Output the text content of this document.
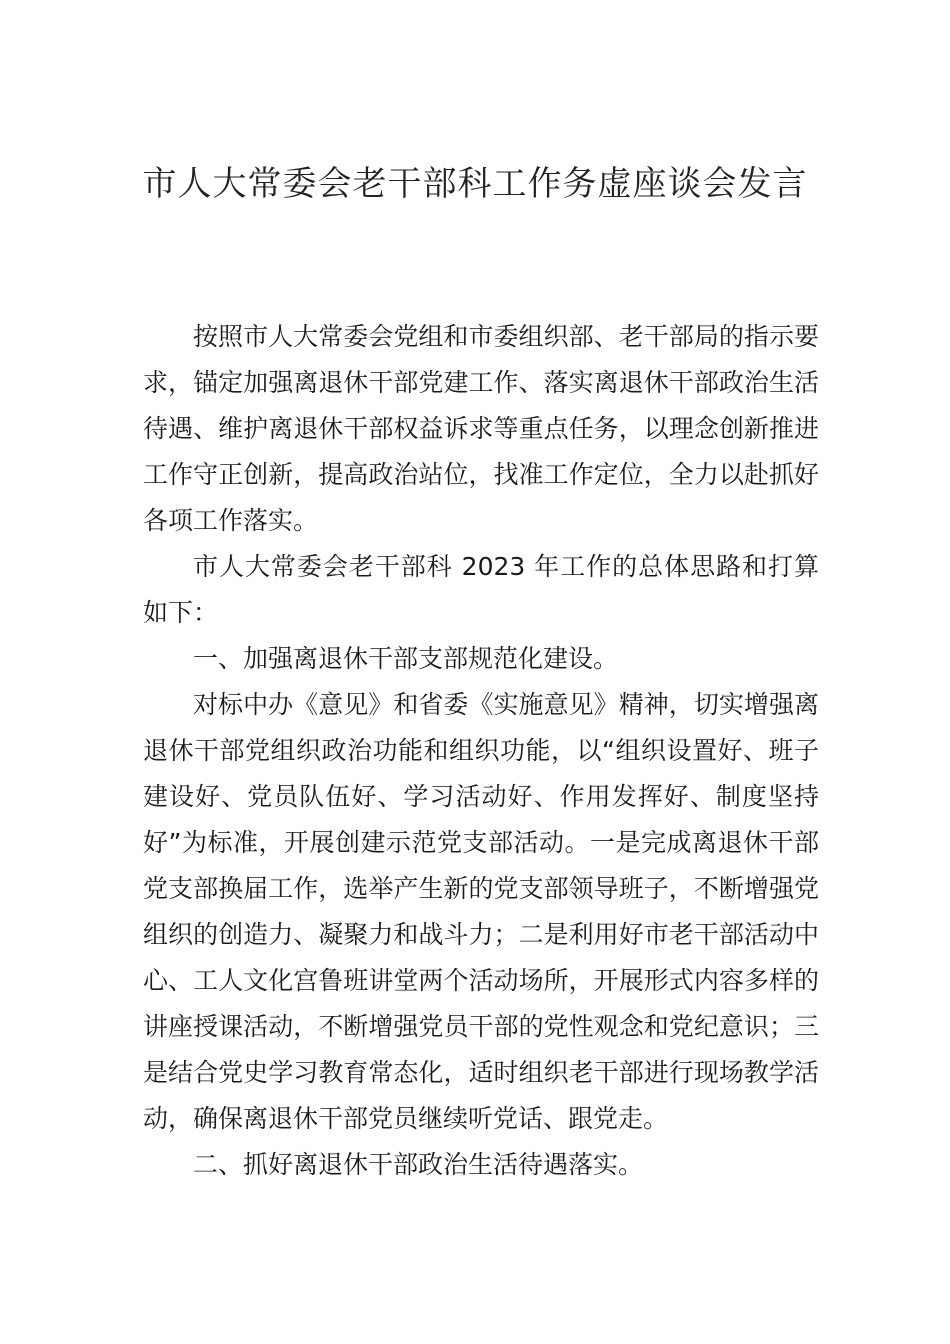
市人大常委会老干部科工作务虚座谈会发言

按照市人大常委会党组和市委组织部、老干部局的指示要求，锚定加强离退休干部党建工作、落实离退休干部政治生活待遇、维护离退休干部权益诉求等重点任务，以理念创新推进工作守正创新，提高政治站位，找准工作定位，全力以赴抓好各项工作落实。

市人大常委会老干部科 2023 年工作的总体思路和打算如下：

一、加强离退休干部支部规范化建设。

对标中办《意见》和省委《实施意见》精神，切实增强离退休干部党组织政治功能和组织功能，以“组织设置好、班子建设好、党员队伍好、学习活动好、作用发挥好、制度坚持好”为标准，开展创建示范党支部活动。一是完成离退休干部党支部换届工作，选举产生新的党支部领导班子，不断增强党组织的创造力、凝聚力和战斗力；二是利用好市老干部活动中心、工人文化宫鲁班讲堂两个活动场所，开展形式内容多样的讲座授课活动，不断增强党员干部的党性观念和党纪意识；三是结合党史学习教育常态化，适时组织老干部进行现场教学活动，确保离退休干部党员继续听党话、跟党走。

二、抓好离退休干部政治生活待遇落实。
